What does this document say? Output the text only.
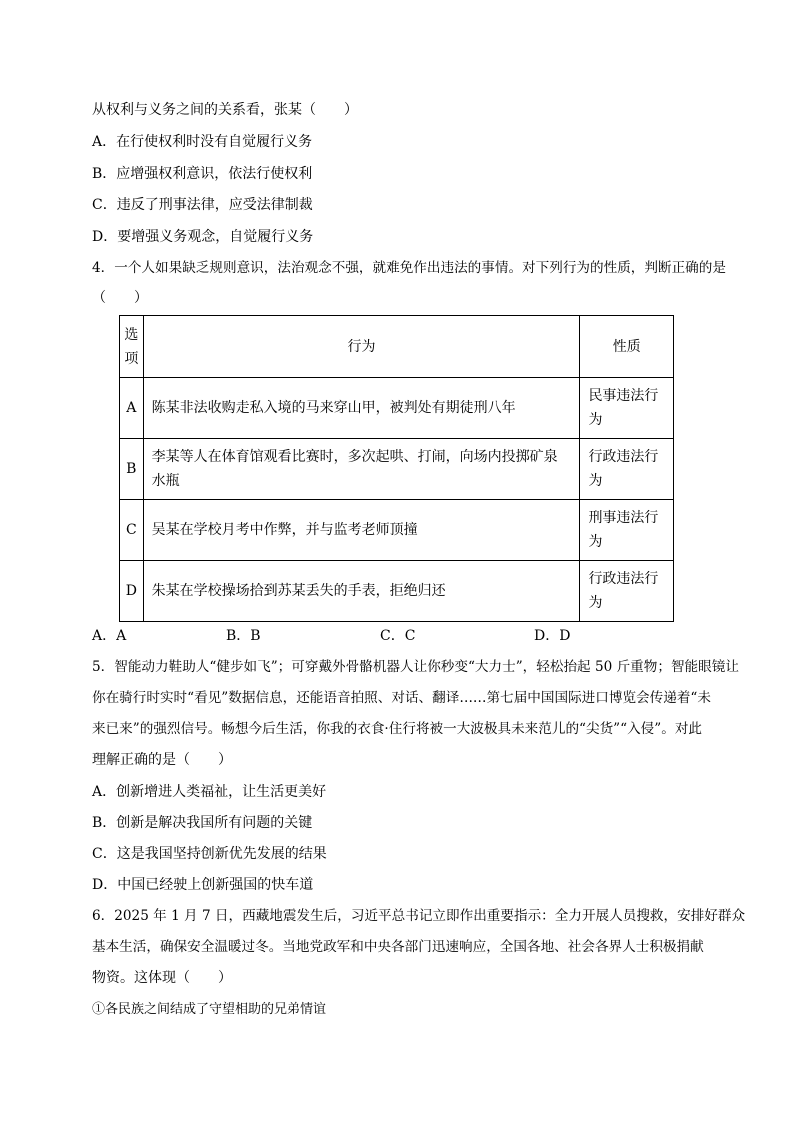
从权利与义务之间的关系看，张某（　　）
A．在行使权利时没有自觉履行义务
B．应增强权利意识，依法行使权利
C．违反了刑事法律，应受法律制裁
D．要增强义务观念，自觉履行义务
4．一个人如果缺乏规则意识，法治观念不强，就难免作出违法的事情。对下列行为的性质，判断正确的是
（　　）
选项	行为	性质
A	陈某非法收购走私入境的马来穿山甲，被判处有期徒刑八年	民事违法行为
B	李某等人在体育馆观看比赛时，多次起哄、打闹，向场内投掷矿泉水瓶	行政违法行为
C	吴某在学校月考中作弊，并与监考老师顶撞	刑事违法行为
D	朱某在学校操场拾到苏某丢失的手表，拒绝归还	行政违法行为
A．A	B．B	C．C	D．D
5．智能动力鞋助人“健步如飞”；可穿戴外骨骼机器人让你秒变“大力士”，轻松抬起 50 斤重物；智能眼镜让
你在骑行时实时“看见”数据信息，还能语音拍照、对话、翻译……第七届中国国际进口博览会传递着“未
来已来”的强烈信号。畅想今后生活，你我的衣食·住行将被一大波极具未来范儿的“尖货”“入侵”。对此
理解正确的是（　　）
A．创新增进人类福祉，让生活更美好
B．创新是解决我国所有问题的关键
C．这是我国坚持创新优先发展的结果
D．中国已经驶上创新强国的快车道
6．2025 年 1 月 7 日，西藏地震发生后，习近平总书记立即作出重要指示：全力开展人员搜救，安排好群众
基本生活，确保安全温暖过冬。当地党政军和中央各部门迅速响应，全国各地、社会各界人士积极捐献
物资。这体现（　　）
①各民族之间结成了守望相助的兄弟情谊
